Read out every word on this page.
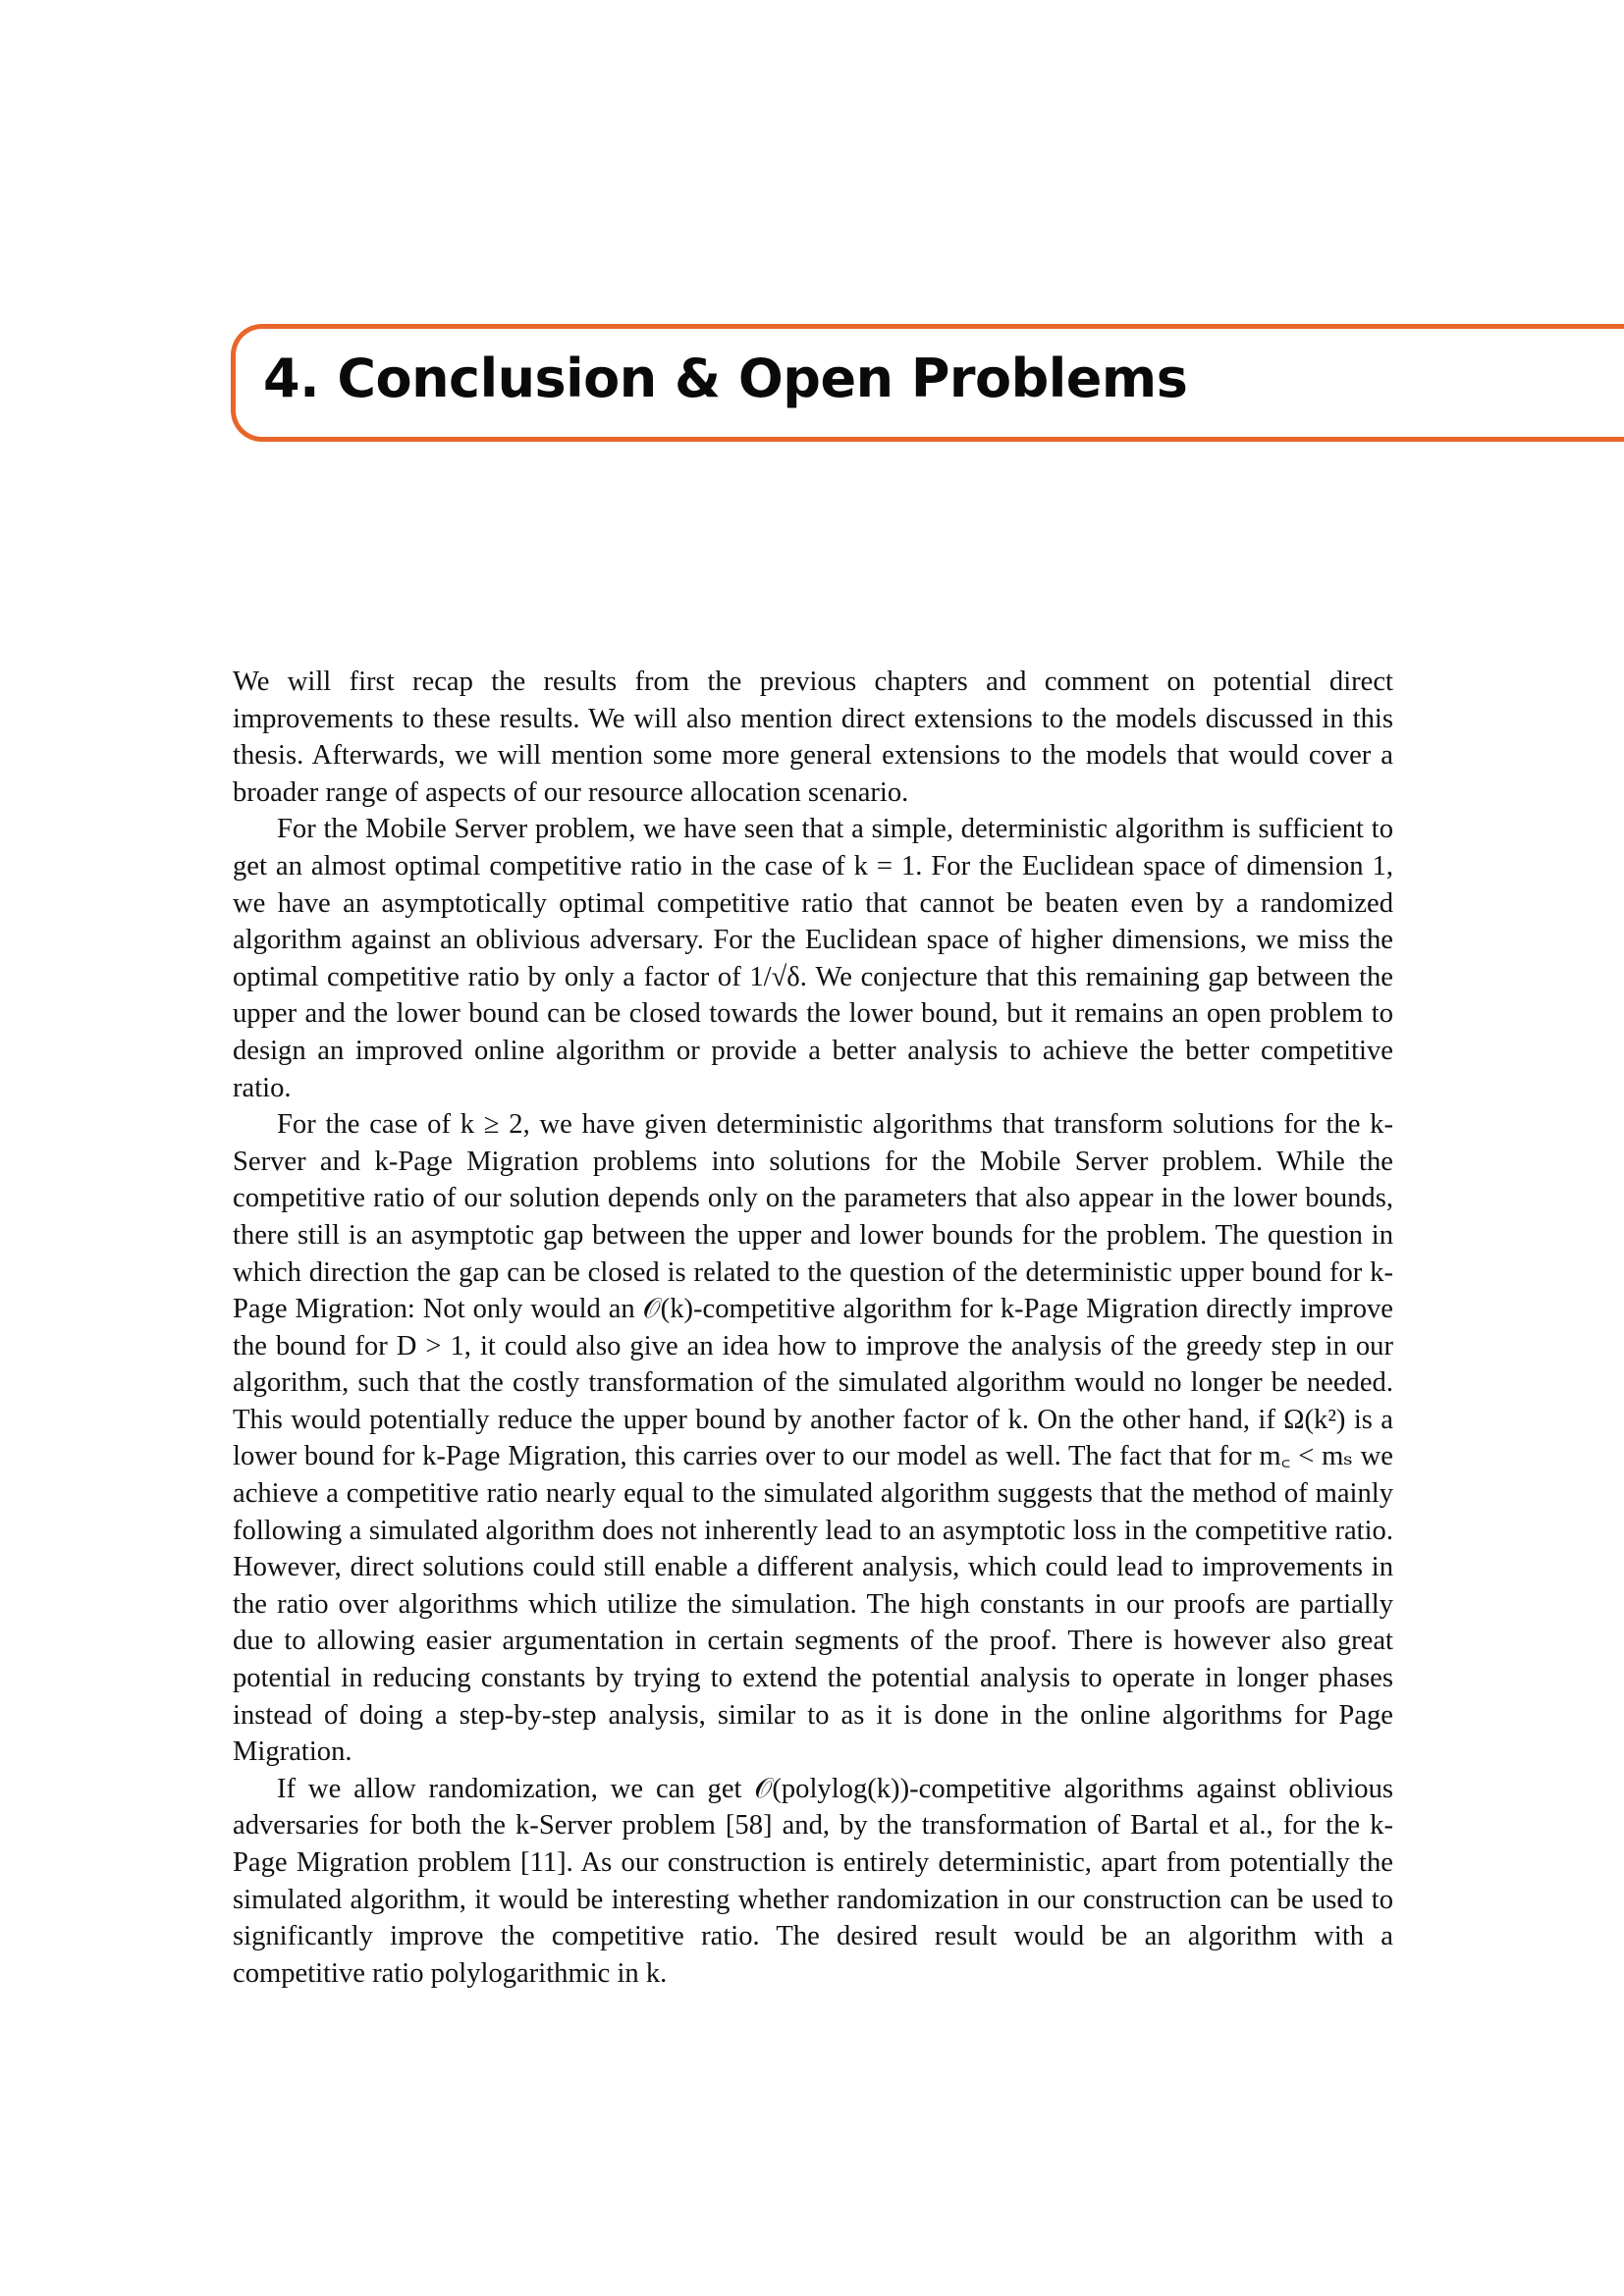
4. Conclusion & Open Problems

We will first recap the results from the previous chapters and comment on potential direct improvements to these results. We will also mention direct extensions to the models discussed in this thesis. Afterwards, we will mention some more general extensions to the models that would cover a broader range of aspects of our resource allocation scenario.

For the Mobile Server problem, we have seen that a simple, deterministic algorithm is sufficient to get an almost optimal competitive ratio in the case of k = 1. For the Euclidean space of dimension 1, we have an asymptotically optimal competitive ratio that cannot be beaten even by a randomized algorithm against an oblivious adversary. For the Euclidean space of higher dimensions, we miss the optimal competitive ratio by only a factor of 1/√δ. We conjecture that this remaining gap between the upper and the lower bound can be closed towards the lower bound, but it remains an open problem to design an improved online algorithm or provide a better analysis to achieve the better competitive ratio.

For the case of k ≥ 2, we have given deterministic algorithms that transform solutions for the k-Server and k-Page Migration problems into solutions for the Mobile Server problem. While the competitive ratio of our solution depends only on the parameters that also appear in the lower bounds, there still is an asymptotic gap between the upper and lower bounds for the problem. The question in which direction the gap can be closed is related to the question of the deterministic upper bound for k-Page Migration: Not only would an 𝒪(k)-competitive algorithm for k-Page Migration directly improve the bound for D > 1, it could also give an idea how to improve the analysis of the greedy step in our algorithm, such that the costly transformation of the simulated algorithm would no longer be needed. This would potentially reduce the upper bound by another factor of k. On the other hand, if Ω(k²) is a lower bound for k-Page Migration, this carries over to our model as well. The fact that for m꜀ < mₛ we achieve a competitive ratio nearly equal to the simulated algorithm suggests that the method of mainly following a simulated algorithm does not inherently lead to an asymptotic loss in the competitive ratio. However, direct solutions could still enable a different analysis, which could lead to improvements in the ratio over algorithms which utilize the simulation. The high constants in our proofs are partially due to allowing easier argumentation in certain segments of the proof. There is however also great potential in reducing constants by trying to extend the potential analysis to operate in longer phases instead of doing a step-by-step analysis, similar to as it is done in the online algorithms for Page Migration.

If we allow randomization, we can get 𝒪(polylog(k))-competitive algorithms against oblivious adversaries for both the k-Server problem [58] and, by the transformation of Bartal et al., for the k-Page Migration problem [11]. As our construction is entirely deterministic, apart from potentially the simulated algorithm, it would be interesting whether randomization in our construction can be used to significantly improve the competitive ratio. The desired result would be an algorithm with a competitive ratio polylogarithmic in k.
